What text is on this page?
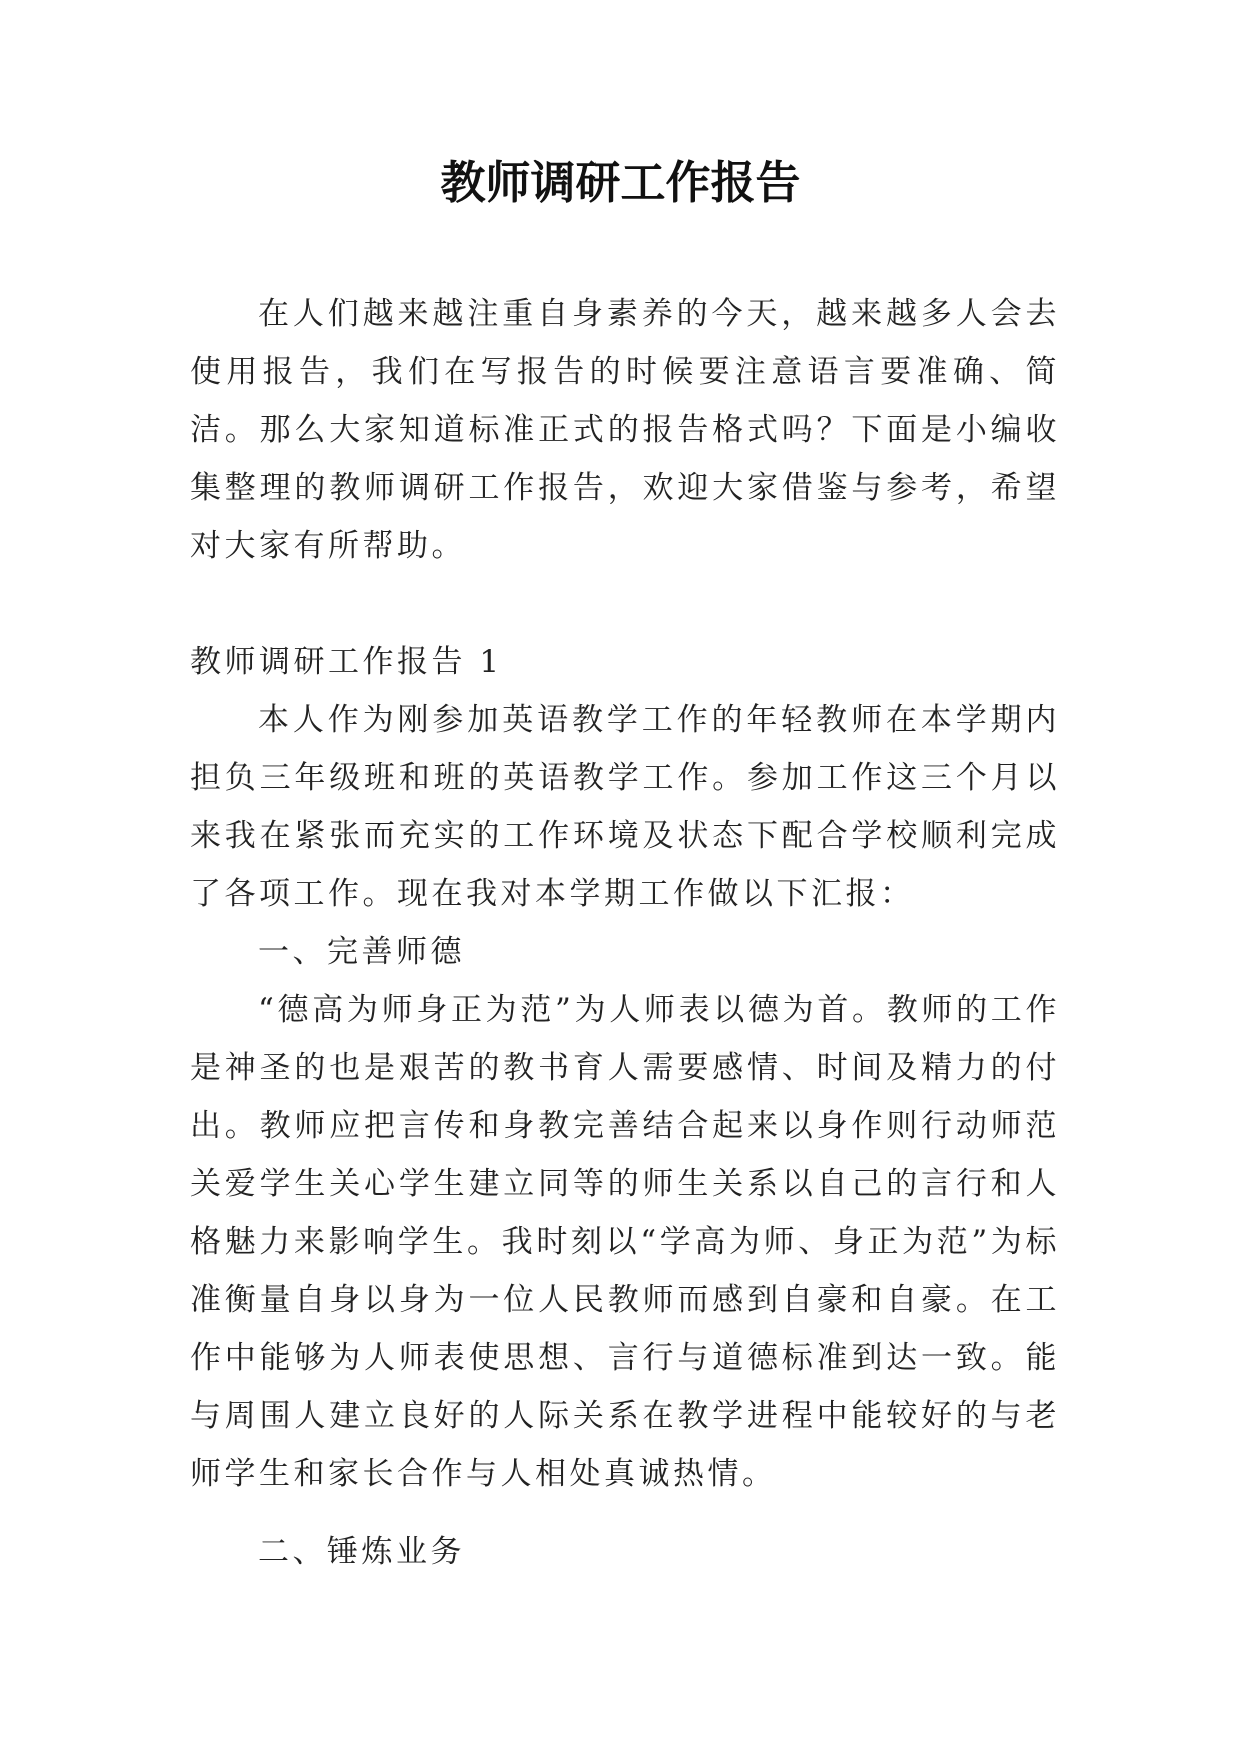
教师调研工作报告

在人们越来越注重自身素养的今天，越来越多人会去使用报告，我们在写报告的时候要注意语言要准确、简洁。那么大家知道标准正式的报告格式吗？下面是小编收集整理的教师调研工作报告，欢迎大家借鉴与参考，希望对大家有所帮助。

教师调研工作报告 1

本人作为刚参加英语教学工作的年轻教师在本学期内担负三年级班和班的英语教学工作。参加工作这三个月以来我在紧张而充实的工作环境及状态下配合学校顺利完成了各项工作。现在我对本学期工作做以下汇报：

一、完善师德

“德高为师身正为范”为人师表以德为首。教师的工作是神圣的也是艰苦的教书育人需要感情、时间及精力的付出。教师应把言传和身教完善结合起来以身作则行动师范关爱学生关心学生建立同等的师生关系以自己的言行和人格魅力来影响学生。我时刻以“学高为师、身正为范”为标准衡量自身以身为一位人民教师而感到自豪和自豪。在工作中能够为人师表使思想、言行与道德标准到达一致。能与周围人建立良好的人际关系在教学进程中能较好的与老师学生和家长合作与人相处真诚热情。

二、锤炼业务
